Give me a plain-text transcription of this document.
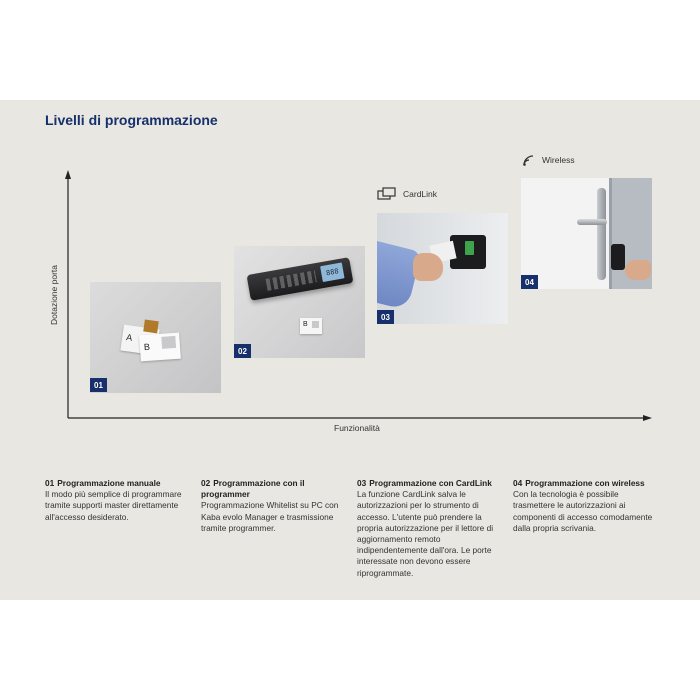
Livelli di programmazione
Dotazione porta
Funzionalità
A
B
01
888
B
02
CardLink
03
Wireless
04
01 Programmazione manuale
Il modo più semplice di programmare tramite supporti master direttamente all'accesso desiderato.
02 Programmazione con il programmer
Programmazione Whitelist su PC con Kaba evolo Manager e trasmissione tramite programmer.
03 Programmazione con CardLink
La funzione CardLink salva le autorizzazioni per lo strumento di accesso. L'utente può prendere la propria autorizzazione per il lettore di aggiornamento remoto indipendentemente dall'ora. Le porte interessate non devono essere riprogrammate.
04 Programmazione con wireless
Con la tecnologia è possibile trasmettere le autorizzazioni ai componenti di accesso comodamente dalla propria scrivania.
